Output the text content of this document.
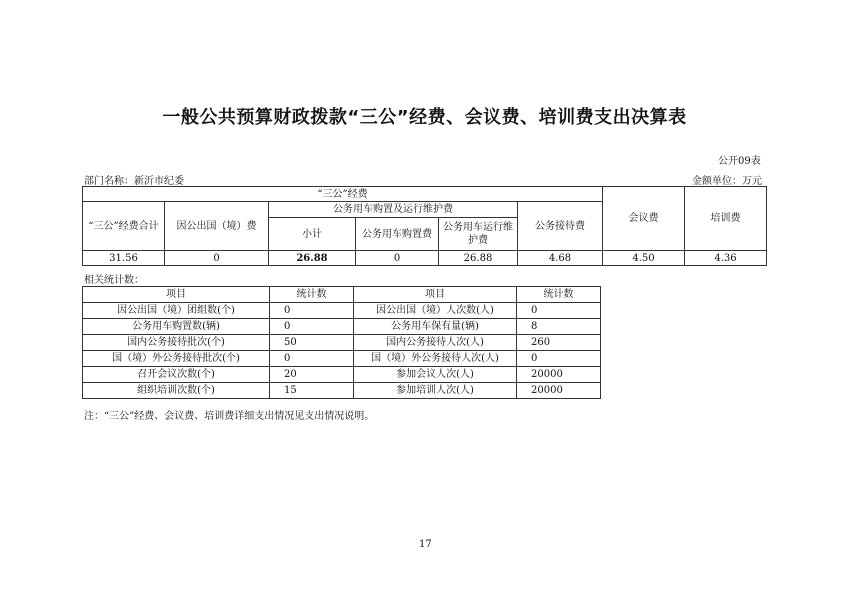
一般公共预算财政拨款“三公”经费、会议费、培训费支出决算表
公开09表
部门名称：新沂市纪委	金额单位：万元
“三公”经费						会议费	培训费
“三公”经费合计	因公出国（境）费	公务用车购置及运行维护费			公务接待费		
		小计	公务用车购置费	公务用车运行维护费			
31.56	0	26.88	0	26.88	4.68	4.50	4.36
相关统计数：
项目	统计数	项目	统计数
因公出国（境）团组数(个)	0	因公出国（境）人次数(人)	0
公务用车购置数(辆)	0	公务用车保有量(辆)	8
国内公务接待批次(个)	50	国内公务接待人次(人)	260
国（境）外公务接待批次(个)	0	国（境）外公务接待人次(人)	0
召开会议次数(个)	20	参加会议人次(人)	20000
组织培训次数(个)	15	参加培训人次(人)	20000
注：“三公”经费、会议费、培训费详细支出情况见支出情况说明。
17
